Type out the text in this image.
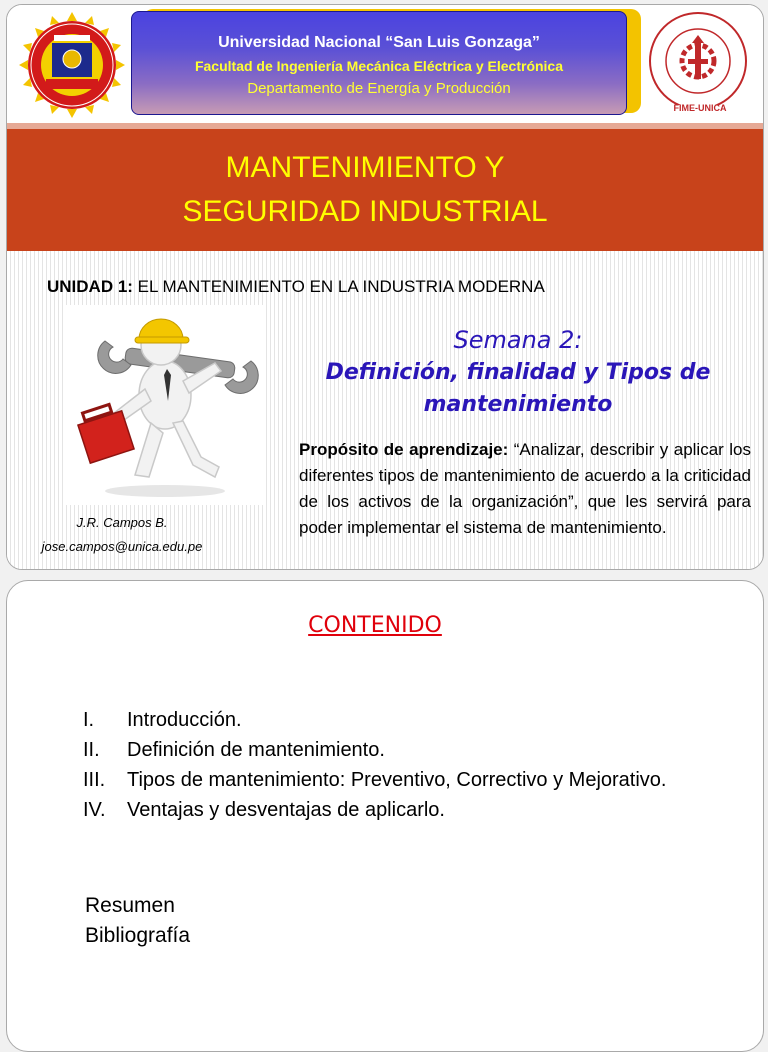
Universidad Nacional “San Luis Gonzaga”
Facultad de Ingeniería Mecánica Eléctrica y Electrónica
Departamento de Energía y Producción
FIME-UNICA
MANTENIMIENTO Y
SEGURIDAD INDUSTRIAL
UNIDAD 1: EL MANTENIMIENTO EN LA INDUSTRIA MODERNA
J.R. Campos B.
jose.campos@unica.edu.pe
Semana 2:
Definición, finalidad y Tipos de
mantenimiento
Propósito de aprendizaje: “Analizar, describir y aplicar los diferentes tipos de mantenimiento de acuerdo a la criticidad de los activos de la organización”, que les servirá para poder implementar el sistema de mantenimiento.
CONTENIDO
I.	Introducción.
II.	Definición de mantenimiento.
III.	Tipos de mantenimiento: Preventivo, Correctivo y Mejorativo.
IV.	Ventajas y desventajas de aplicarlo.
Resumen
Bibliografía
